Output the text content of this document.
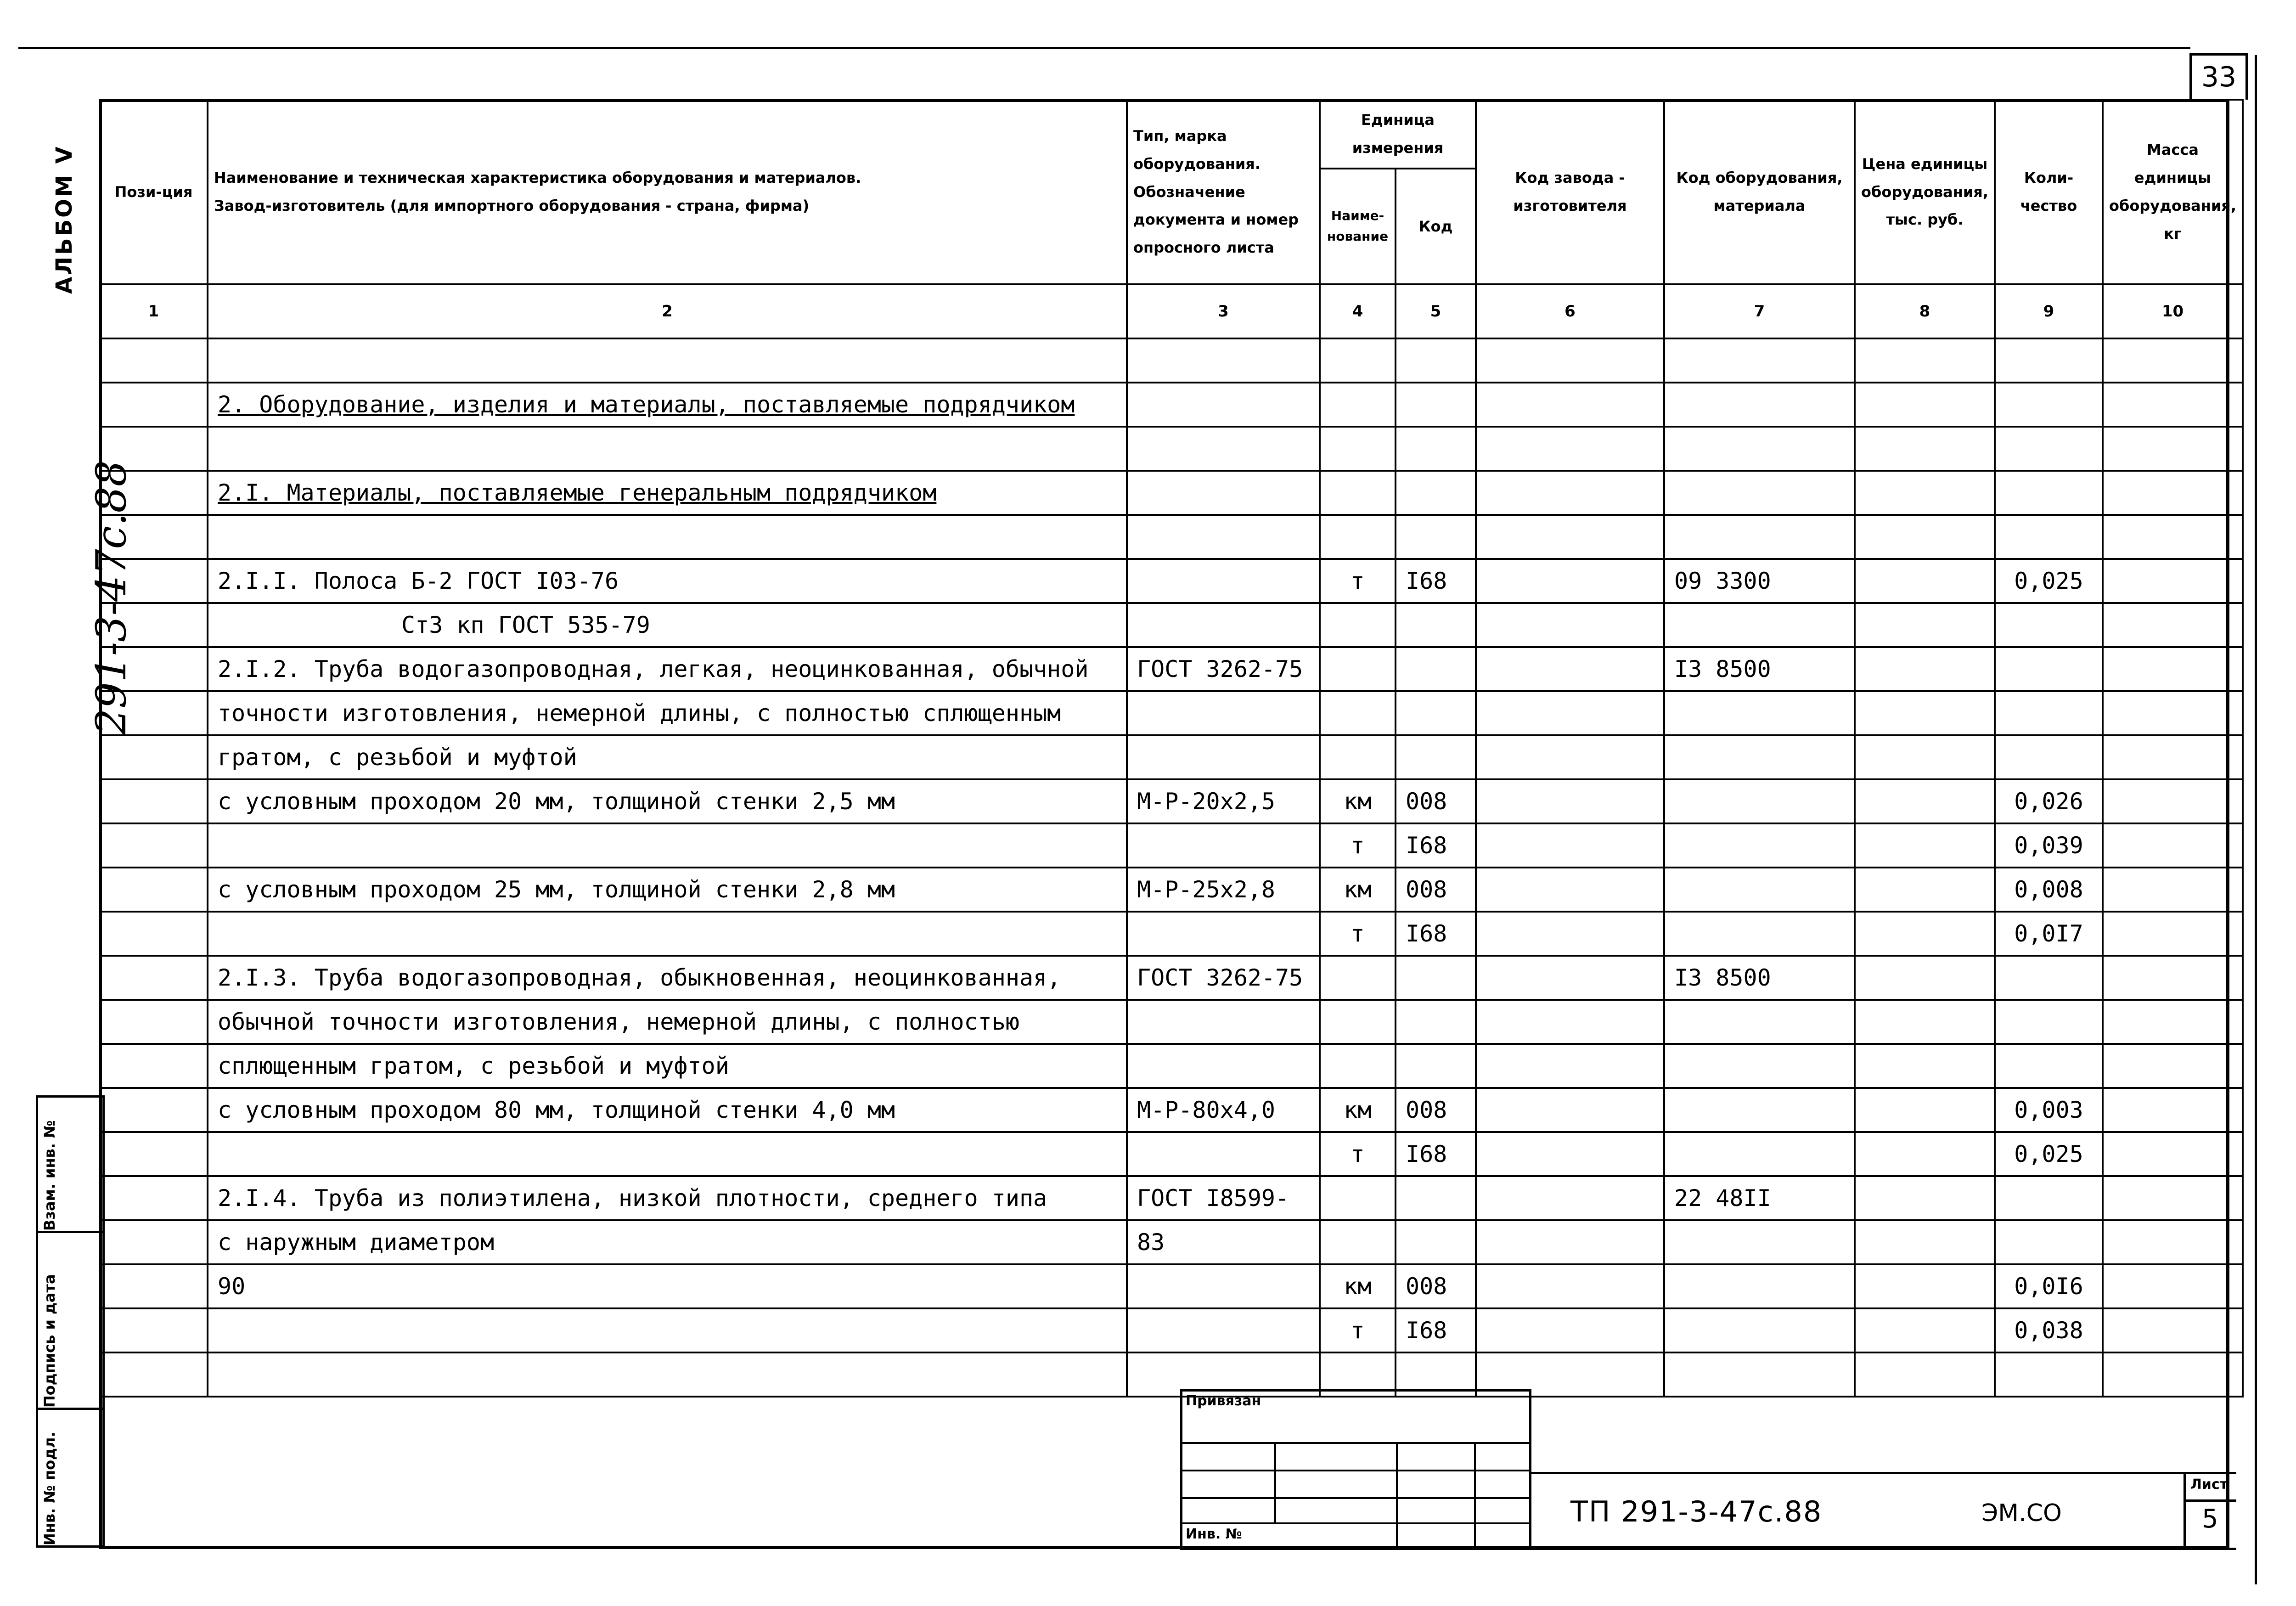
33
АЛЬБОМ V
291-3-47с.88
Пози-ция	Наименование и техническая характеристика оборудования и материалов.
Завод-изготовитель (для импортного оборудования - страна, фирма)	Тип, марка оборудования. Обозначение документа и номер опросного листа	Единица измерения		Код завода - изготовителя	Код оборудования, материала	Цена единицы оборудования, тыс. руб.	Коли-чество	Масса единицы оборудования, кг
			Наиме-нование	Код					
1	2	3	4	5	6	7	8	9	10

	2. Оборудование, изделия и материалы, поставляемые подрядчиком								

	2.I. Материалы, поставляемые генеральным подрядчиком								

	2.I.I. Полоса Б-2 ГОСТ I03-76		т	I68		09 3300		0,025	
	Ст3 кп ГОСТ 535-79								
	2.I.2. Труба водогазопроводная, легкая, неоцинкованная, обычной	ГОСТ 3262-75				I3 8500			
	точности изготовления, немерной длины, с полностью сплющенным								
	гратом, с резьбой и муфтой								
	с условным проходом 20 мм, толщиной стенки 2,5 мм	М-Р-20х2,5	км	008				0,026	
			т	I68				0,039	
	с условным проходом 25 мм, толщиной стенки 2,8 мм	М-Р-25х2,8	км	008				0,008	
			т	I68				0,0I7	
	2.I.3. Труба водогазопроводная, обыкновенная, неоцинкованная,	ГОСТ 3262-75				I3 8500			
	обычной точности изготовления, немерной длины, с полностью								
	сплющенным гратом, с резьбой и муфтой								
	с условным проходом 80 мм, толщиной стенки 4,0 мм	М-Р-80х4,0	км	008				0,003	
			т	I68				0,025	
	2.I.4. Труба из полиэтилена, низкой плотности, среднего типа	ГОСТ I8599-				22 48II			
	с наружным диаметром	83							
	90		км	008				0,0I6	
			т	I68				0,038	

Взам. инв. №
Подпись и дата
Инв. № подл.
Привязан
Инв. №
ТП 291-3-47с.88	ЭМ.СО
Лист
5
